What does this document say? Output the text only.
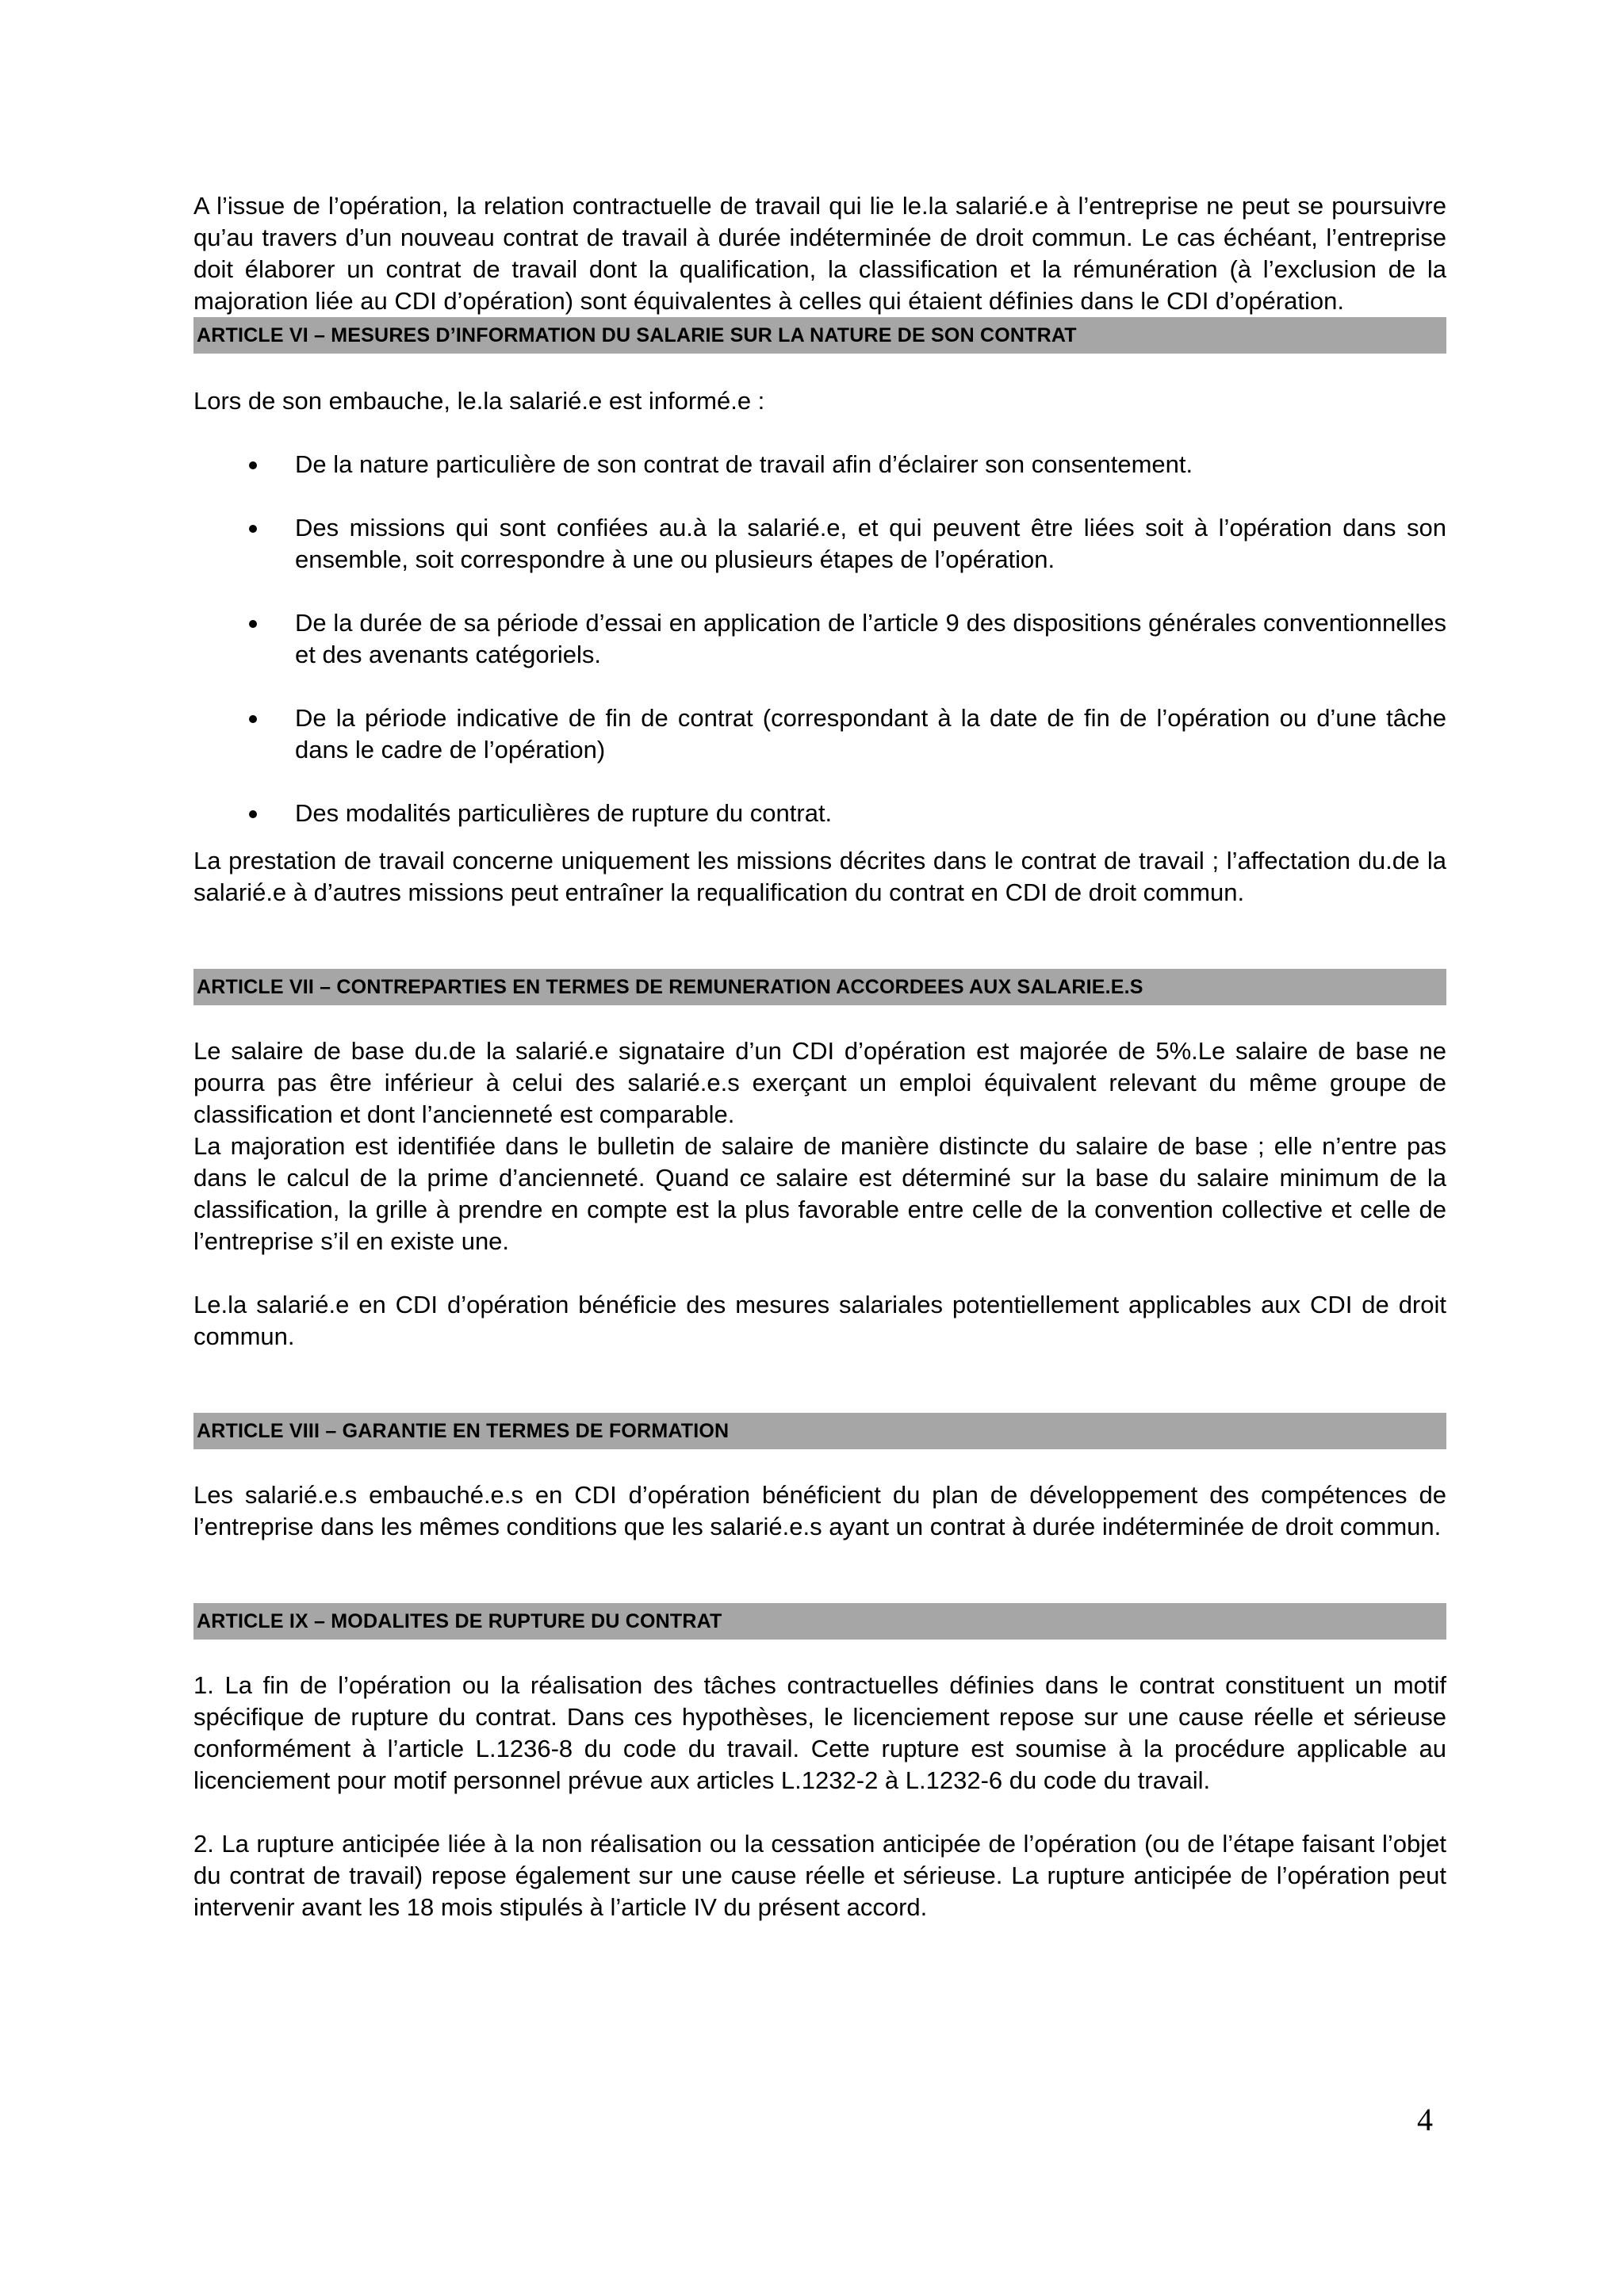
A l’issue de l’opération, la relation contractuelle de travail qui lie le.la salarié.e à l’entreprise ne peut se poursuivre qu’au travers d’un nouveau contrat de travail à durée indéterminée de droit commun. Le cas échéant, l’entreprise doit élaborer un contrat de travail dont la qualification, la classification et la rémunération (à l’exclusion de la majoration liée au CDI d’opération) sont équivalentes à celles qui étaient définies dans le CDI d’opération.

ARTICLE VI – MESURES D’INFORMATION DU SALARIE SUR LA NATURE DE SON CONTRAT

Lors de son embauche, le.la salarié.e est informé.e :

De la nature particulière de son contrat de travail afin d’éclairer son consentement.
Des missions qui sont confiées au.à la salarié.e, et qui peuvent être liées soit à l’opération dans son ensemble, soit correspondre à une ou plusieurs étapes de l’opération.
De la durée de sa période d’essai en application de l’article 9 des dispositions générales conventionnelles et des avenants catégoriels.
De la période indicative de fin de contrat (correspondant à la date de fin de l’opération ou d’une tâche dans le cadre de l’opération)
Des modalités particulières de rupture du contrat.

La prestation de travail concerne uniquement les missions décrites dans le contrat de travail ; l’affectation du.de la salarié.e à d’autres missions peut entraîner la requalification du contrat en CDI de droit commun.

ARTICLE VII – CONTREPARTIES EN TERMES DE REMUNERATION ACCORDEES AUX SALARIE.E.S

Le salaire de base du.de la salarié.e signataire d’un CDI d’opération est majorée de 5%.Le salaire de base ne pourra pas être inférieur à celui des salarié.e.s exerçant un emploi équivalent relevant du même groupe de classification et dont l’ancienneté est comparable.

La majoration est identifiée dans le bulletin de salaire de manière distincte du salaire de base ; elle n’entre pas dans le calcul de la prime d’ancienneté. Quand ce salaire est déterminé sur la base du salaire minimum de la classification, la grille à prendre en compte est la plus favorable entre celle de la convention collective et celle de l’entreprise s’il en existe une.

Le.la salarié.e en CDI d’opération bénéficie des mesures salariales potentiellement applicables aux CDI de droit commun.

ARTICLE VIII – GARANTIE EN TERMES DE FORMATION

Les salarié.e.s embauché.e.s en CDI d’opération bénéficient du plan de développement des compétences de l’entreprise dans les mêmes conditions que les salarié.e.s ayant un contrat à durée indéterminée de droit commun.

ARTICLE IX – MODALITES DE RUPTURE DU CONTRAT

1. La fin de l’opération ou la réalisation des tâches contractuelles définies dans le contrat constituent un motif spécifique de rupture du contrat. Dans ces hypothèses, le licenciement repose sur une cause réelle et sérieuse conformément à l’article L.1236-8 du code du travail. Cette rupture est soumise à la procédure applicable au licenciement pour motif personnel prévue aux articles L.1232-2 à L.1232-6 du code du travail.

2. La rupture anticipée liée à la non réalisation ou la cessation anticipée de l’opération (ou de l’étape faisant l’objet du contrat de travail) repose également sur une cause réelle et sérieuse. La rupture anticipée de l’opération peut intervenir avant les 18 mois stipulés à l’article IV du présent accord.

4
